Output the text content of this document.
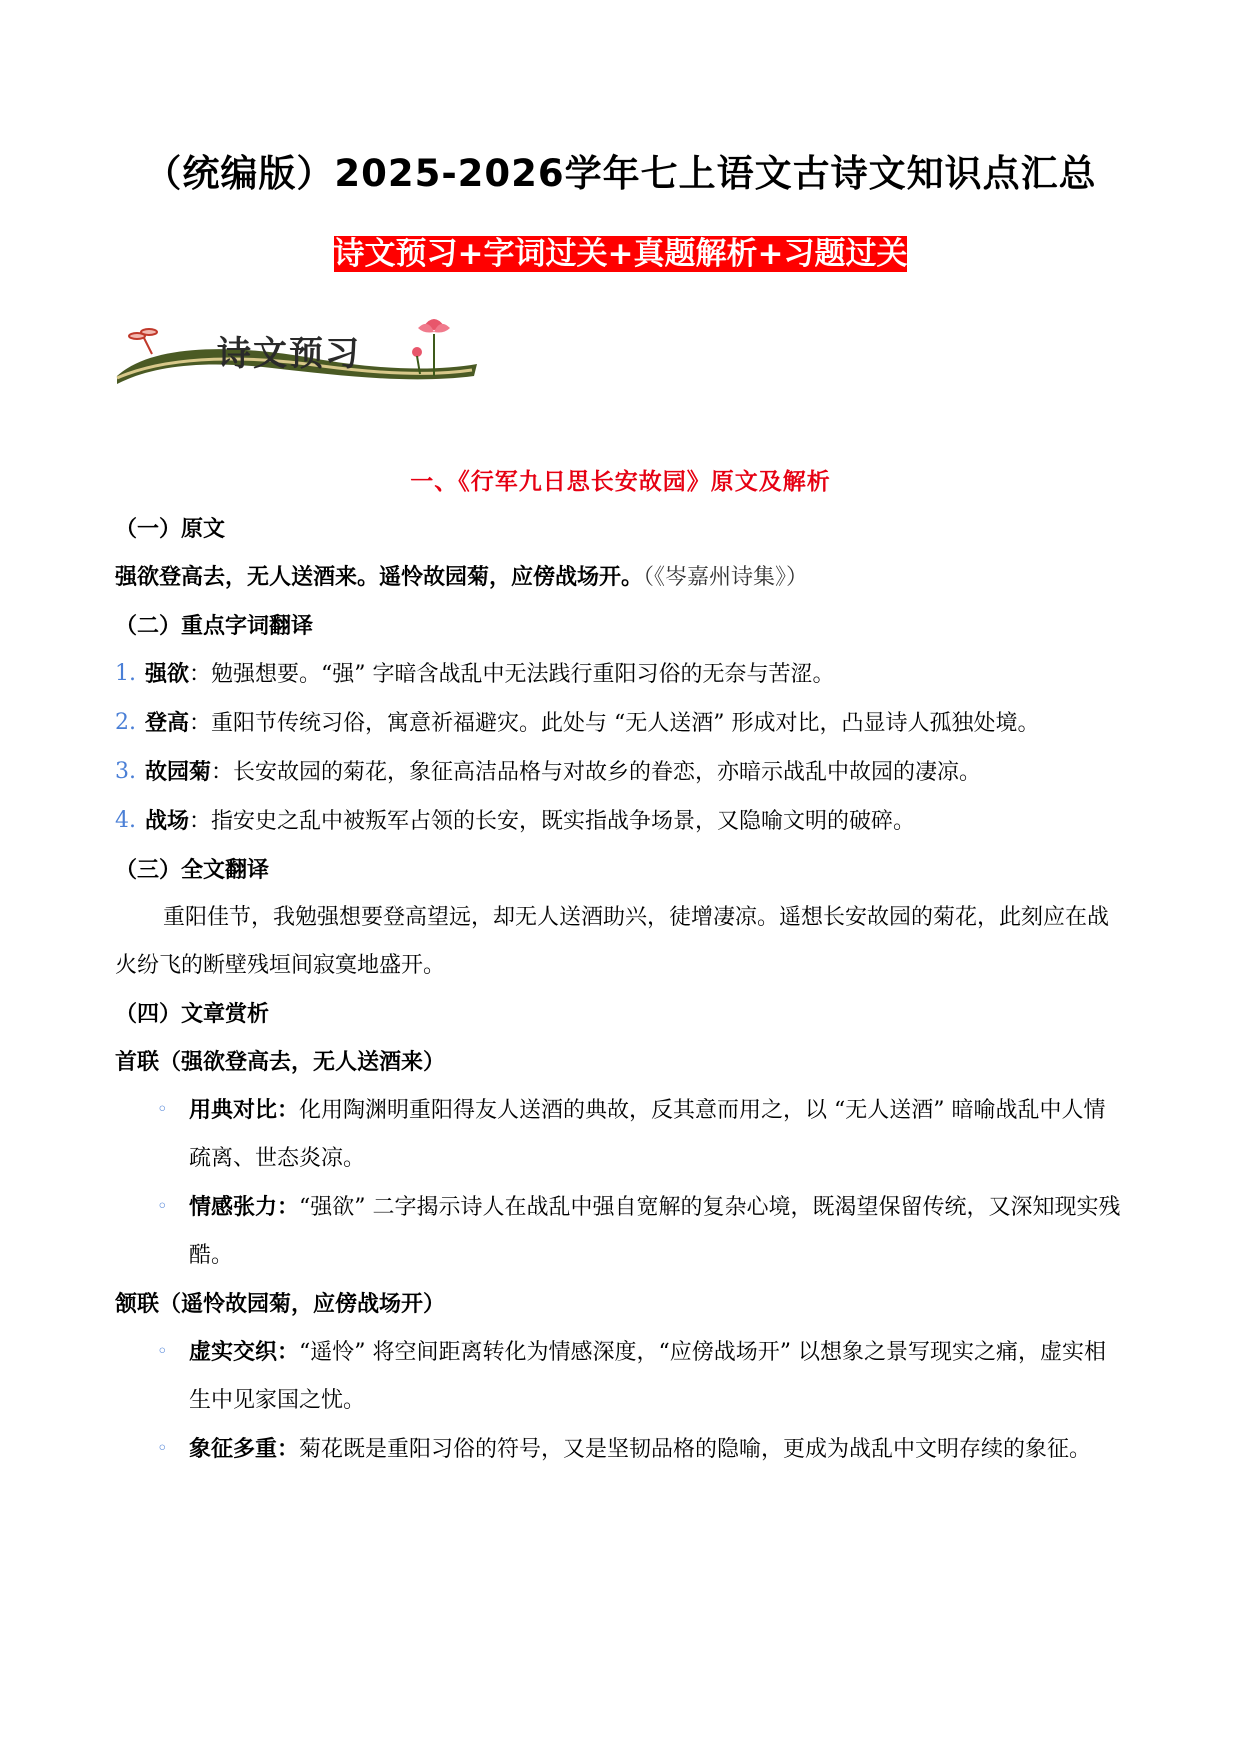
（统编版）2025-2026学年七上语文古诗文知识点汇总
诗文预习+字词过关+真题解析+习题过关
诗文预习
一、《行军九日思长安故园》原文及解析

（一）原文

强欲登高去，无人送酒来。遥怜故园菊，应傍战场开。（《岑嘉州诗集》）

（二）重点字词翻译

1. 强欲：勉强想要。“强” 字暗含战乱中无法践行重阳习俗的无奈与苦涩。

2. 登高：重阳节传统习俗，寓意祈福避灾。此处与 “无人送酒” 形成对比，凸显诗人孤独处境。

3. 故园菊：长安故园的菊花，象征高洁品格与对故乡的眷恋，亦暗示战乱中故园的凄凉。

4. 战场：指安史之乱中被叛军占领的长安，既实指战争场景，又隐喻文明的破碎。

（三）全文翻译

重阳佳节，我勉强想要登高望远，却无人送酒助兴，徒增凄凉。遥想长安故园的菊花，此刻应在战火纷飞的断壁残垣间寂寞地盛开。

（四）文章赏析

首联（强欲登高去，无人送酒来）

◦ 用典对比：化用陶渊明重阳得友人送酒的典故，反其意而用之，以 “无人送酒” 暗喻战乱中人情疏离、世态炎凉。

◦ 情感张力：“强欲” 二字揭示诗人在战乱中强自宽解的复杂心境，既渴望保留传统，又深知现实残酷。

颔联（遥怜故园菊，应傍战场开）

◦ 虚实交织：“遥怜” 将空间距离转化为情感深度，“应傍战场开” 以想象之景写现实之痛，虚实相生中见家国之忧。

◦ 象征多重：菊花既是重阳习俗的符号，又是坚韧品格的隐喻，更成为战乱中文明存续的象征。
